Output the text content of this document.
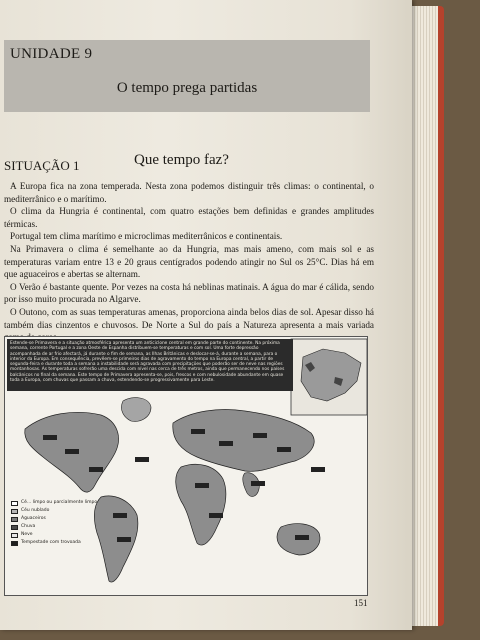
UNIDADE 9
O tempo prega partidas
SITUAÇÃO 1	Que tempo faz?

A Europa fica na zona temperada. Nesta zona podemos distinguir três climas: o continental, o mediterrânico e o marítimo.

O clima da Hungria é continental, com quatro estações bem definidas e grandes amplitudes térmicas.

Portugal tem clima marítimo e microclimas mediterrânicos e continentais.

Na Primavera o clima é semelhante ao da Hungria, mas mais ameno, com mais sol e as temperaturas variam entre 13 e 20 graus centígrados podendo atingir no Sul os 25°C. Dias há em que aguaceiros e abertas se alternam.

O Verão é bastante quente. Por vezes na costa há neblinas matinais. A água do mar é cálida, sendo por isso muito procurada no Algarve.

O Outono, com as suas temperaturas amenas, proporciona ainda belos dias de sol. Apesar disso há também dias cinzentos e chuvosos. De Norte a Sul do país a Natureza apresenta a mais variada

Estende-se Primavera e a situação atmosférica apresenta um anticiclone central em grande parte do continente. Na próxima semana, corrente Portugal e a zona Oeste de Espanha distribuem-se temperaturas e com sol. Uma forte depressão acompanhada de ar frio afectará, já durante o fim de semana, as Ilhas Britânicas e deslocar-se-á, durante a semana, para o interior da Europa. Em consequência, prevêem-se primeiros dias de agravamento do tempo na Europa central, a partir de segunda-feira e durante toda a semana a instabilidade será agravada com precipitações que poderão ser de neve nas regiões montanhosas. As temperaturas sofrerão uma descida com nível nas cerca de três metros, ainda que permanecendo nos países balcânicos no final da semana. Este tempo de Primavera apresenta-se, pois, frescos e com nebulosidade abundante em quase toda a Europa, com chuvas que passam a chuva, estendendo-se progressivamente para Leste.
Cé... limpo ou parcialmente limpo
Céu nublado
Aguaceiros
Chuva
Neve
Tempestade com trovoada
151
